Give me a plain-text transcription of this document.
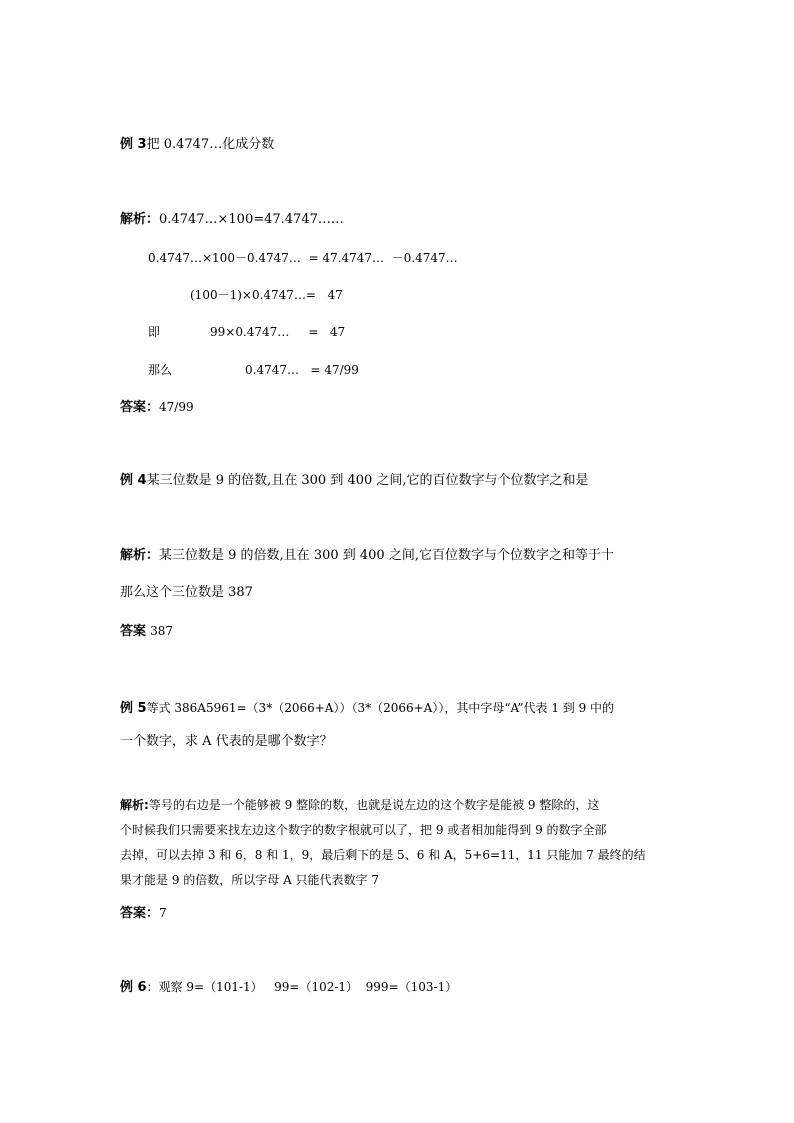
例 3把 0.4747…化成分数
解析：0.4747…×100=47.4747……
0.4747…×100－0.4747…  = 47.4747…  －0.4747…
(100－1)×0.4747…=   47
即	99×0.4747…     =   47
那么	0.4747…   = 47/99
答案：47/99
例 4某三位数是 9 的倍数,且在 300 到 400 之间,它的百位数字与个位数字之和是
解析：某三位数是 9 的倍数,且在 300 到 400 之间,它百位数字与个位数字之和等于十
那么这个三位数是 387
答案 387
例 5等式 386A5961=（3*（2066+A））（3*（2066+A）），其中字母“A”代表 1 到 9 中的
一个数字，求 A 代表的是哪个数字？
解析:等号的右边是一个能够被 9 整除的数，也就是说左边的这个数字是能被 9 整除的，这
个时候我们只需要来找左边这个数字的数字根就可以了，把 9 或者相加能得到 9 的数字全部
去掉，可以去掉 3 和 6，8 和 1，9，最后剩下的是 5、6 和 A，5+6=11，11 只能加 7 最终的结
果才能是 9 的倍数，所以字母 A 只能代表数字 7
答案：7
例 6：观察 9=（101-1）   99=（102-1）  999=（103-1）
